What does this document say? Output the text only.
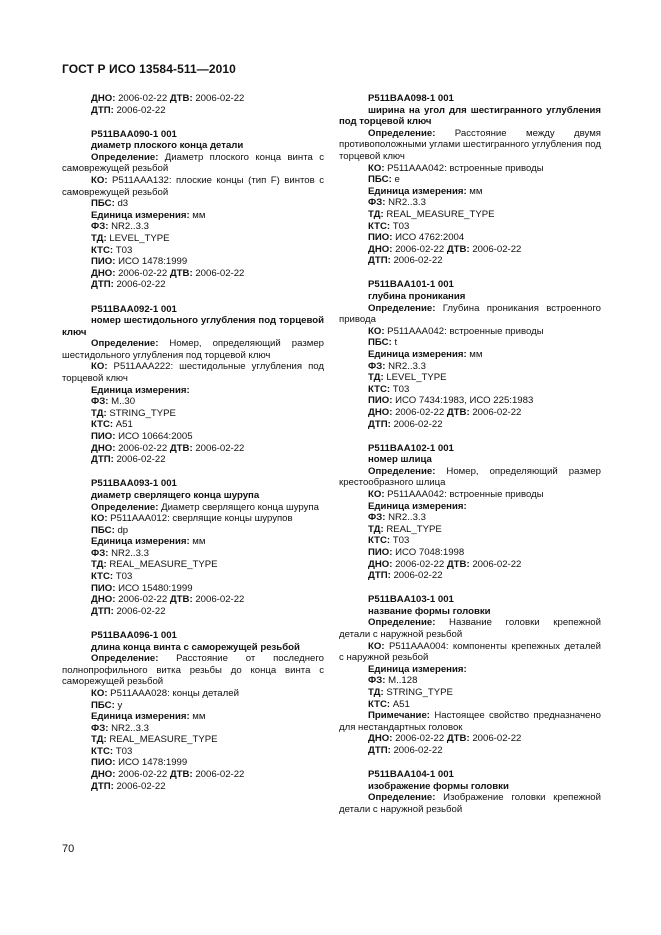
ГОСТ Р ИСО 13584-511—2010
ДНО: 2006-02-22 ДТВ: 2006-02-22
ДТП: 2006-02-22
P511BAA090-1 001
диаметр плоского конца детали
Определение: Диаметр плоского конца винта с самоврежущей резьбой
КО: P511AAA132: плоские концы (тип F) винтов с самоврежущей резьбой
ПБС: d3
Единица измерения: мм
ФЗ: NR2..3.3
ТД: LEVEL_TYPE
КТС: T03
ПИО: ИСО 1478:1999
ДНО: 2006-02-22 ДТВ: 2006-02-22
ДТП: 2006-02-22
P511BAA092-1 001
номер шестидольного углубления под торцевой ключ
Определение: Номер, определяющий размер шестидольного углубления под торцевой ключ
КО: P511AAA222: шестидольные углубления под торцевой ключ
Единица измерения:
ФЗ: M..30
ТД: STRING_TYPE
КТС: A51
ПИО: ИСО 10664:2005
ДНО: 2006-02-22 ДТВ: 2006-02-22
ДТП: 2006-02-22
P511BAA093-1 001
диаметр сверлящего конца шурупа
Определение: Диаметр сверлящего конца шурупа
КО: P511AAA012: сверлящие концы шурупов
ПБС: dp
Единица измерения: мм
ФЗ: NR2..3.3
ТД: REAL_MEASURE_TYPE
КТС: T03
ПИО: ИСО 15480:1999
ДНО: 2006-02-22 ДТВ: 2006-02-22
ДТП: 2006-02-22
P511BAA096-1 001
длина конца винта с саморежущей резьбой
Определение: Расстояние от последнего полнопрофильного витка резьбы до конца винта с саморежущей резьбой
КО: P511AAA028: концы деталей
ПБС: y
Единица измерения: мм
ФЗ: NR2..3.3
ТД: REAL_MEASURE_TYPE
КТС: T03
ПИО: ИСО 1478:1999
ДНО: 2006-02-22 ДТВ: 2006-02-22
ДТП: 2006-02-22
P511BAA098-1 001
ширина на угол для шестигранного углубления под торцевой ключ
Определение: Расстояние между двумя противоположными углами шестигранного углубления под торцевой ключ
КО: P511AAA042: встроенные приводы
ПБС: e
Единица измерения: мм
ФЗ: NR2..3.3
ТД: REAL_MEASURE_TYPE
КТС: T03
ПИО: ИСО 4762:2004
ДНО: 2006-02-22 ДТВ: 2006-02-22
ДТП: 2006-02-22
P511BAA101-1 001
глубина проникания
Определение: Глубина проникания встроенного привода
КО: P511AAA042: встроенные приводы
ПБС: t
Единица измерения: мм
ФЗ: NR2..3.3
ТД: LEVEL_TYPE
КТС: T03
ПИО: ИСО 7434:1983, ИСО 225:1983
ДНО: 2006-02-22 ДТВ: 2006-02-22
ДТП: 2006-02-22
P511BAA102-1 001
номер шлица
Определение: Номер, определяющий размер крестообразного шлица
КО: P511AAA042: встроенные приводы
Единица измерения:
ФЗ: NR2..3.3
ТД: REAL_TYPE
КТС: T03
ПИО: ИСО 7048:1998
ДНО: 2006-02-22 ДТВ: 2006-02-22
ДТП: 2006-02-22
P511BAA103-1 001
название формы головки
Определение: Название головки крепежной детали с наружной резьбой
КО: P511AAA004: компоненты крепежных деталей с наружной резьбой
Единица измерения:
ФЗ: M..128
ТД: STRING_TYPE
КТС: A51
Примечание: Настоящее свойство предназначено для нестандартных головок
ДНО: 2006-02-22 ДТВ: 2006-02-22
ДТП: 2006-02-22
P511BAA104-1 001
изображение формы головки
Определение: Изображение головки крепежной детали с наружной резьбой
70
